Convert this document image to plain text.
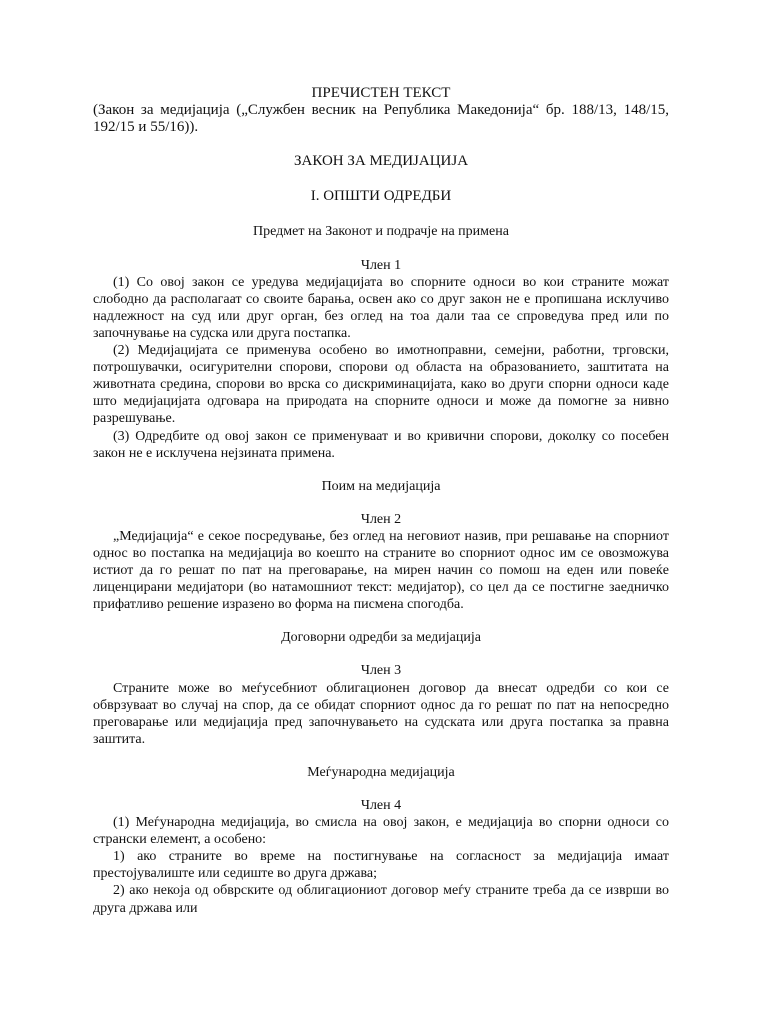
ПРЕЧИСТЕН ТЕКСТ

(Закон за медијација („Службен весник на Република Македонија“ бр. 188/13, 148/15, 192/15 и 55/16)).

ЗАКОН ЗА МЕДИЈАЦИЈА

I. ОПШТИ ОДРЕДБИ

Предмет на Законот и подрачје на примена

Член 1

(1) Со овој закон се уредува медијацијата во спорните односи во кои страните можат слободно да располагаат со своите барања, освен ако со друг закон не е пропишана исклучиво надлежност на суд или друг орган, без оглед на тоа дали таа се спроведува пред или по започнување на судска или друга постапка.

(2) Медијацијата се применува особено во имотноправни, семејни, работни, трговски, потрошувачки, осигурителни спорови, спорови од областа на образованието, заштитата на животната средина, спорови во врска со дискриминацијата, како во други спорни односи каде што медијацијата одговара на природата на спорните односи и може да помогне за нивно разрешување.

(3) Одредбите од овој закон се применуваат и во кривични спорови, доколку со посебен закон не е исклучена нејзината примена.

Поим на медијација

Член 2

„Медијација“ е секое посредување, без оглед на неговиот назив, при решавање на спорниот однос во постапка на медијација во коешто на страните во спорниот однос им се овозможува истиот да го решат по пат на преговарање, на мирен начин со помош на еден или повеќе лиценцирани медијатори (во натамошниот текст: медијатор), со цел да се постигне заедничко прифатливо решение изразено во форма на писмена спогодба.

Договорни одредби за медијација

Член 3

Страните може во меѓусебниот облигационен договор да внесат одредби со кои се обврзуваат во случај на спор, да се обидат спорниот однос да го решат по пат на непосредно преговарање или медијација пред започнувањето на судската или друга постапка за правна заштита.

Меѓународна медијација

Член 4

(1) Меѓународна медијација, во смисла на овој закон, е медијација во спорни односи со странски елемент, а особено:

1) ако страните во време на постигнување на согласност за медијација имаат престојувалиште или седиште во друга држава;

2) ако некоја од обврските од облигациониот договор меѓу страните треба да се изврши во друга држава или
